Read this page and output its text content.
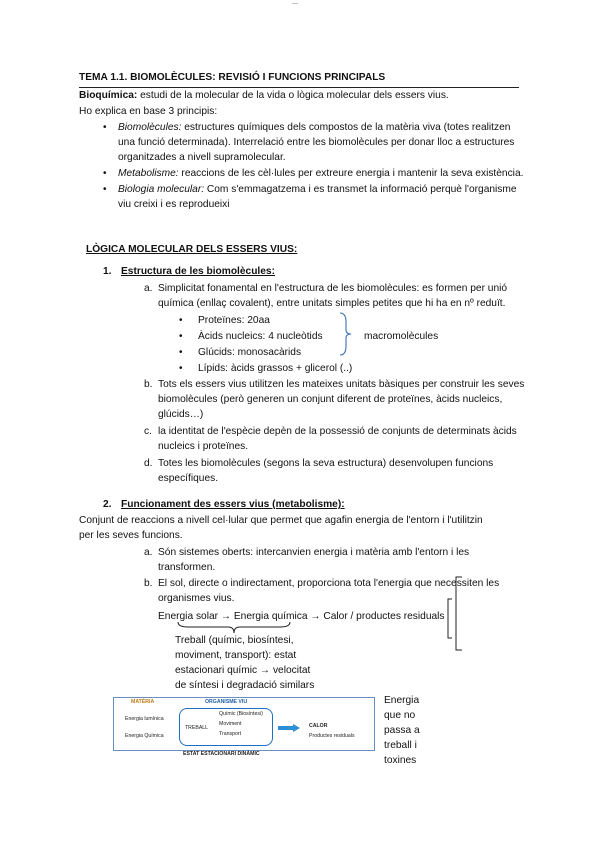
—
TEMA 1.1. BIOMOLÈCULES: REVISIÓ I FUNCIONS PRINCIPALS
Bioquímica: estudi de la molecular de la vida o lògica molecular dels essers vius.
Ho explica en base 3 principis:
• Biomolècules: estructures químiques dels compostos de la matèria viva (totes realitzen
una funció determinada). Interrelació entre les biomolècules per donar lloc a estructures
organitzades a nivell supramolecular.
• Metabolisme: reaccions de les cèl·lules per extreure energia i mantenir la seva existència.
• Biologia molecular: Com s'emmagatzema i es transmet la informació perquè l'organisme
viu creixi i es reprodueixi
LÒGICA MOLECULAR DELS ESSERS VIUS:
1. Estructura de les biomolècules:
a. Simplicitat fonamental en l'estructura de les biomolècules: es formen per unió
química (enllaç covalent), entre unitats simples petites que hi ha en nº reduït.
• Proteïnes: 20aa
• Àcids nucleics: 4 nucleòtids
• Glúcids: monosacàrids
• Lípids: àcids grassos + glicerol (..)
macromolècules
b. Tots els essers vius utilitzen les mateixes unitats bàsiques per construir les seves
biomolècules (però generen un conjunt diferent de proteïnes, àcids nucleics,
glúcids…)
c. la identitat de l'espècie depèn de la possessió de conjunts de determinats àcids
nucleics i proteïnes.
d. Totes les biomolècules (segons la seva estructura) desenvolupen funcions
específiques.
2. Funcionament des essers vius (metabolisme):
Conjunt de reaccions a nivell cel·lular que permet que agafin energia de l'entorn i l'utilitzin
per les seves funcions.
a. Són sistemes oberts: intercanvien energia i matèria amb l'entorn i les
transformen.
b. El sol, directe o indirectament, proporciona tota l'energia que necessiten les
organismes vius.
Energia solar → Energia química → Calor / productes residuals
Treball (químic, biosíntesi,
moviment, transport): estat
estacionari químic → velocitat
de síntesi i degradació similars
Energia
que no
passa a
treball i
toxines
MATÈRIA	ORGANISME VIU
Energia lumínica
Energia Química
TREBALL
Químic (Biosíntesi)
Moviment
Transport
CALOR
Productes residuals
ESTAT ESTACIONARI DINÀMIC
